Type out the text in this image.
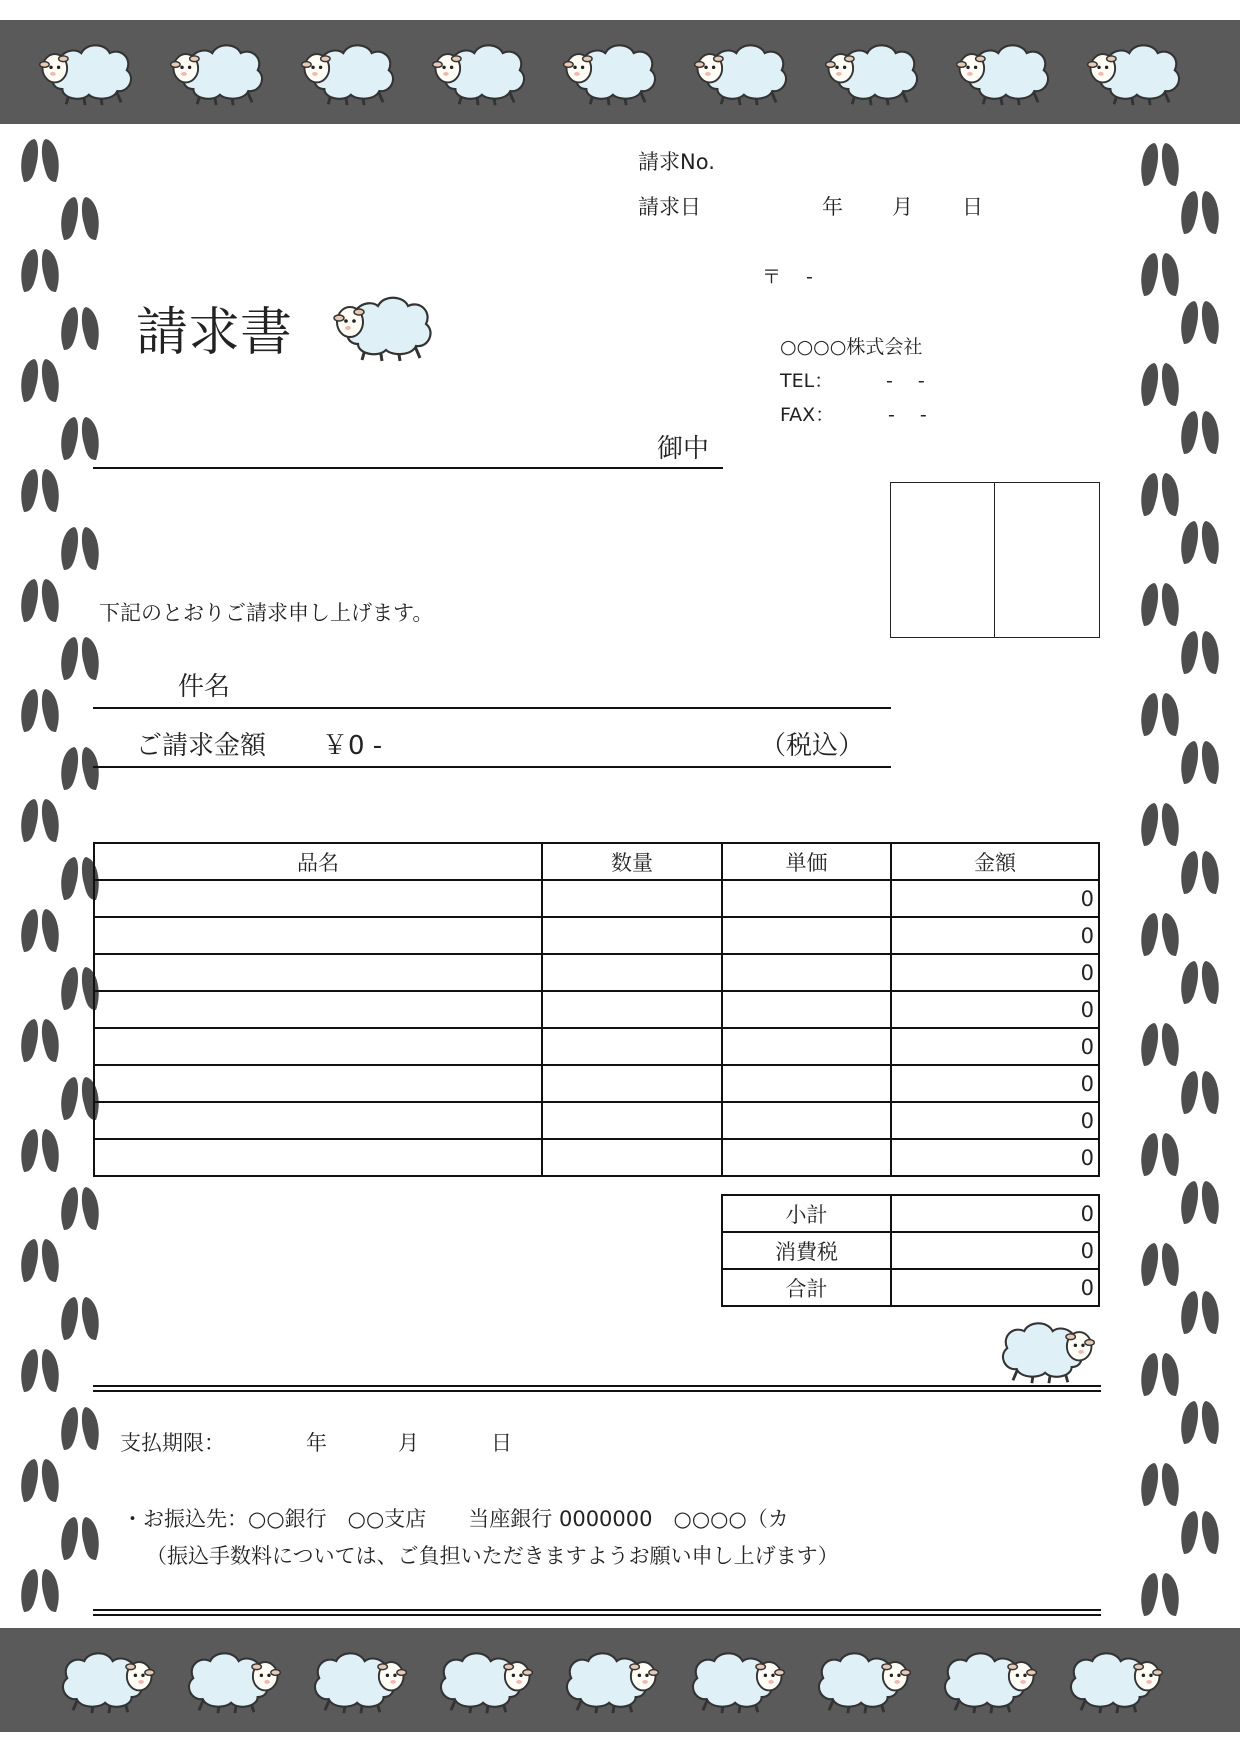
請求No.
請求日	年 月 日
請求書
〒　 -
○○○○株式会社
TEL：	-　 -
FAX：	-　 -
御中
下記のとおりご請求申し上げます。
件名
ご請求金額 ￥0 -	（税込）
品名	数量	単価	金額
			0
			0
			0
			0
			0
			0
			0
			0
小計	0
消費税	0
合計	0
支払期限：	年	月	日
・お振込先：○○銀行　○○支店　　当座銀行 0000000　○○○○（カ
（振込手数料については、ご負担いただきますようお願い申し上げます）
